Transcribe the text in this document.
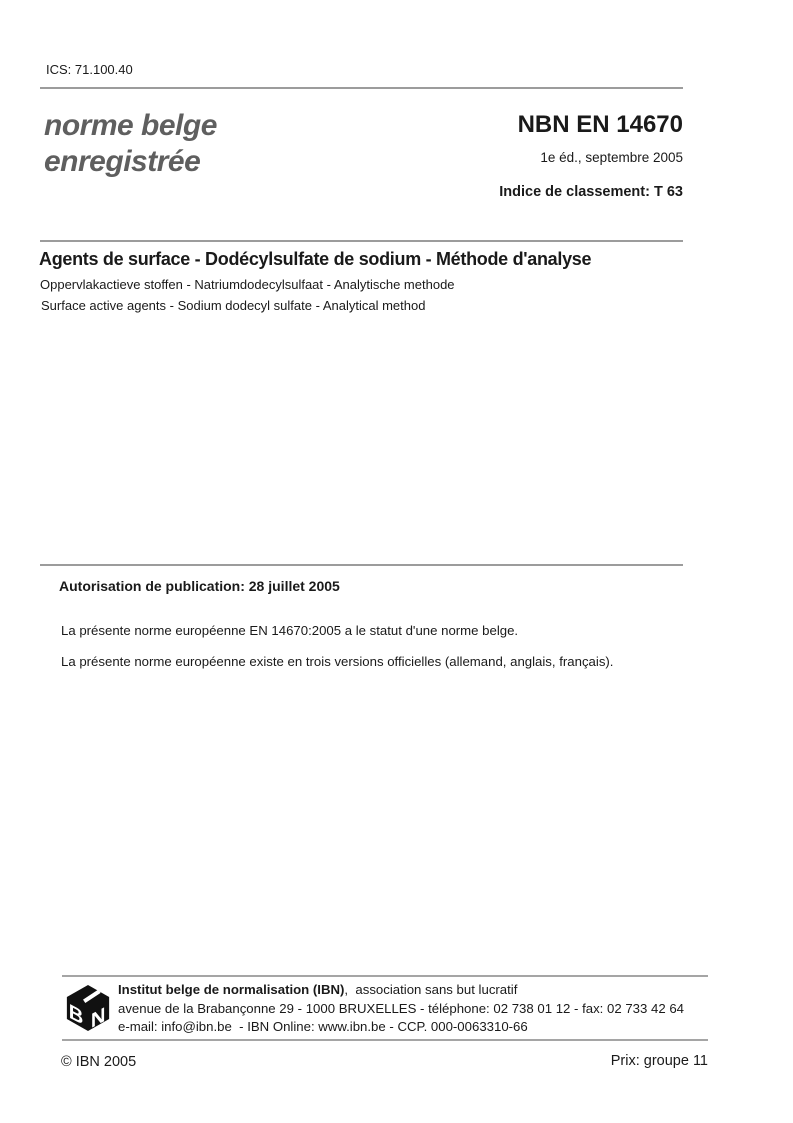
ICS: 71.100.40
norme belge
enregistrée
NBN EN 14670
1e éd., septembre 2005
Indice de classement: T 63
Agents de surface - Dodécylsulfate de sodium - Méthode d'analyse
Oppervlakactieve stoffen - Natriumdodecylsulfaat - Analytische methode
Surface active agents - Sodium dodecyl sulfate - Analytical method
Autorisation de publication: 28 juillet 2005
La présente norme européenne EN 14670:2005 a le statut d'une norme belge.
La présente norme européenne existe en trois versions officielles (allemand, anglais, français).
B N
Institut belge de normalisation (IBN),  association sans but lucratif
avenue de la Brabançonne 29 - 1000 BRUXELLES - téléphone: 02 738 01 12 - fax: 02 733 42 64
e-mail: info@ibn.be  - IBN Online: www.ibn.be - CCP. 000-0063310-66
© IBN 2005	Prix: groupe 11
